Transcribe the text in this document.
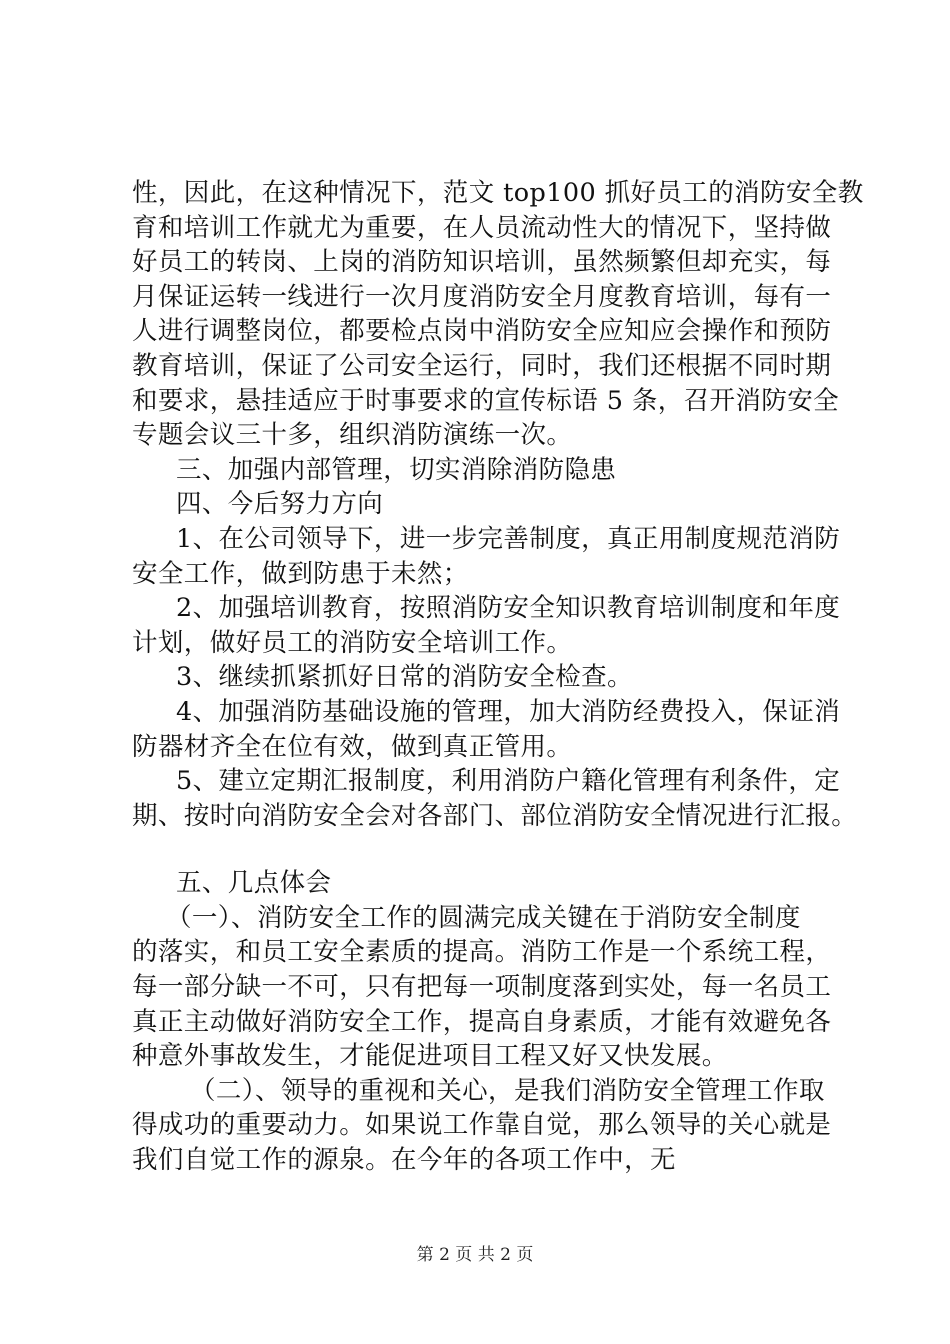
性，因此，在这种情况下，范文 top100 抓好员工的消防安全教
育和培训工作就尤为重要，在人员流动性大的情况下，坚持做
好员工的转岗、上岗的消防知识培训，虽然频繁但却充实，每
月保证运转一线进行一次月度消防安全月度教育培训，每有一
人进行调整岗位，都要检点岗中消防安全应知应会操作和预防
教育培训，保证了公司安全运行，同时，我们还根据不同时期
和要求，悬挂适应于时事要求的宣传标语 5 条，召开消防安全
专题会议三十多，组织消防演练一次。
三、加强内部管理，切实消除消防隐患
四、今后努力方向
1、在公司领导下，进一步完善制度，真正用制度规范消防
安全工作，做到防患于未然；
2、加强培训教育，按照消防安全知识教育培训制度和年度
计划，做好员工的消防安全培训工作。
3、继续抓紧抓好日常的消防安全检查。
4、加强消防基础设施的管理，加大消防经费投入，保证消
防器材齐全在位有效，做到真正管用。
5、建立定期汇报制度，利用消防户籍化管理有利条件，定
期、按时向消防安全会对各部门、部位消防安全情况进行汇报。
五、几点体会
（一）、消防安全工作的圆满完成关键在于消防安全制度
的落实，和员工安全素质的提高。消防工作是一个系统工程，
每一部分缺一不可，只有把每一项制度落到实处，每一名员工
真正主动做好消防安全工作，提高自身素质，才能有效避免各
种意外事故发生，才能促进项目工程又好又快发展。
（二）、领导的重视和关心，是我们消防安全管理工作取
得成功的重要动力。如果说工作靠自觉，那么领导的关心就是
我们自觉工作的源泉。在今年的各项工作中，无
第 2 页 共 2 页
